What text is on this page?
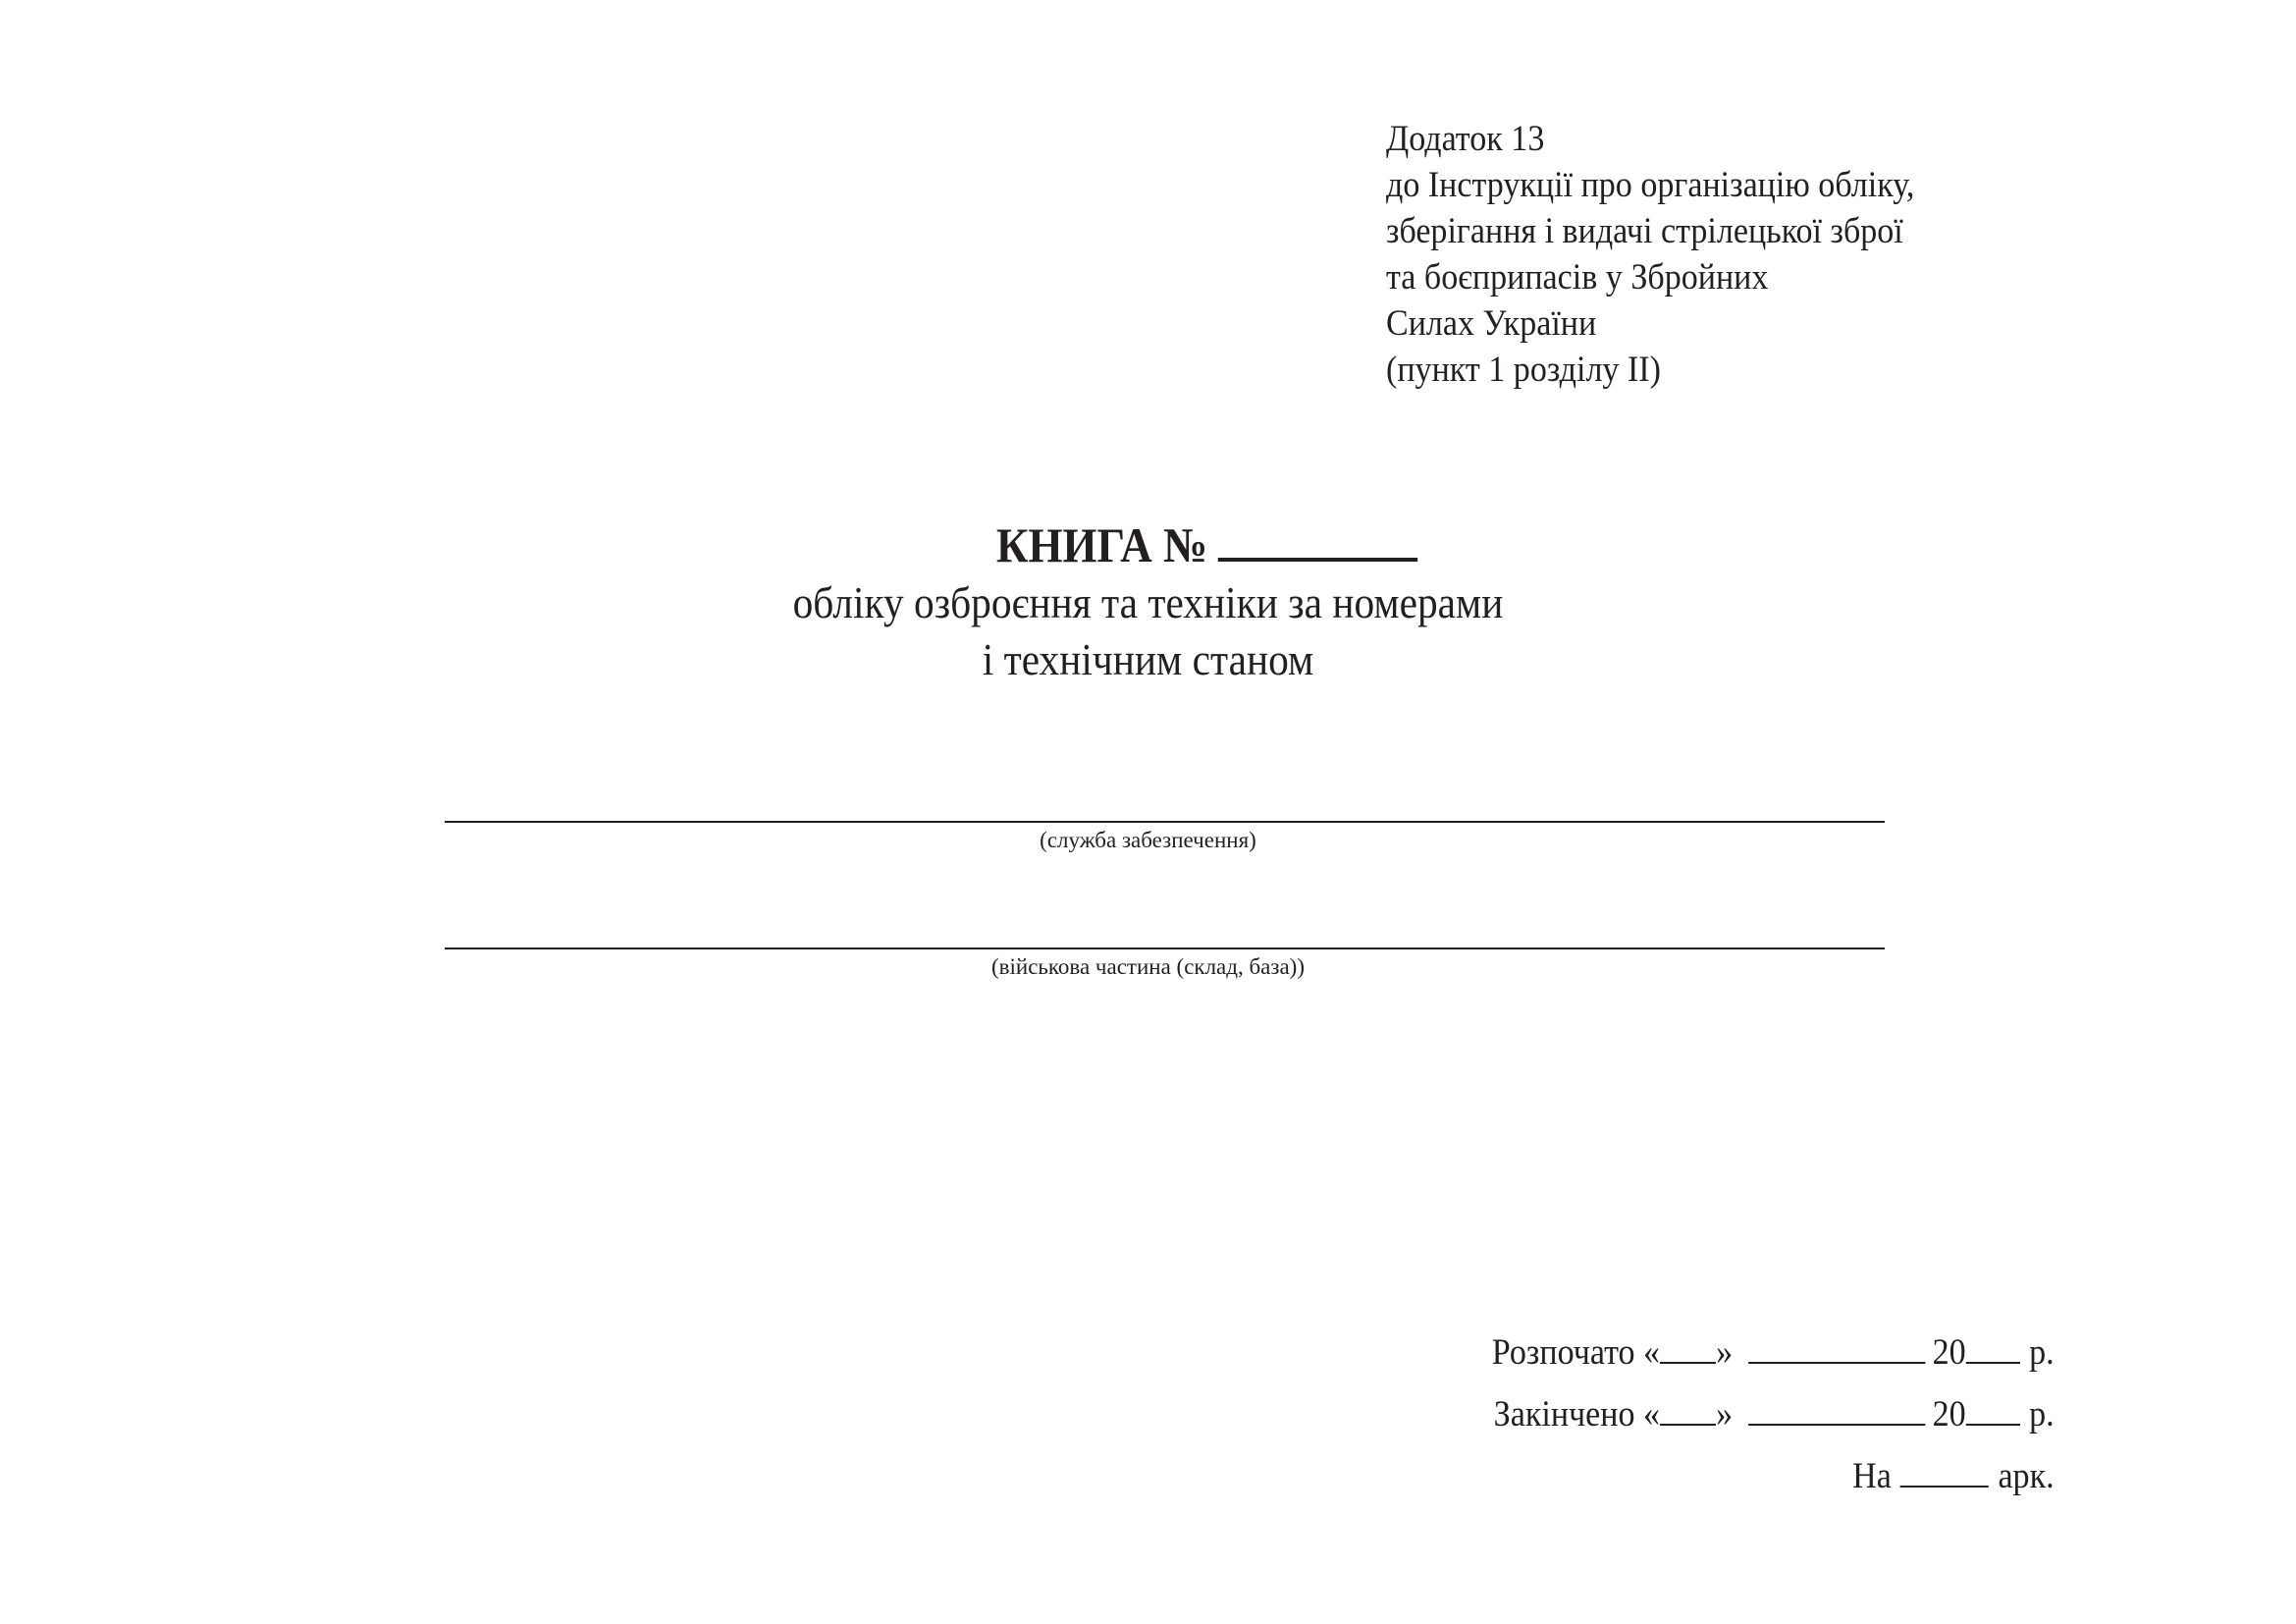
Додаток 13
до Інструкції про організацію обліку,
зберігання і видачі стрілецької зброї
та боєприпасів у Збройних
Силах України
(пункт 1 розділу ІІ)
КНИГА №
обліку озброєння та техніки за номерами
і технічним станом
(служба забезпечення)
(військова частина (склад, база))
Розпочато « »	20 р.
Закінчено « »	20 р.
На	арк.
